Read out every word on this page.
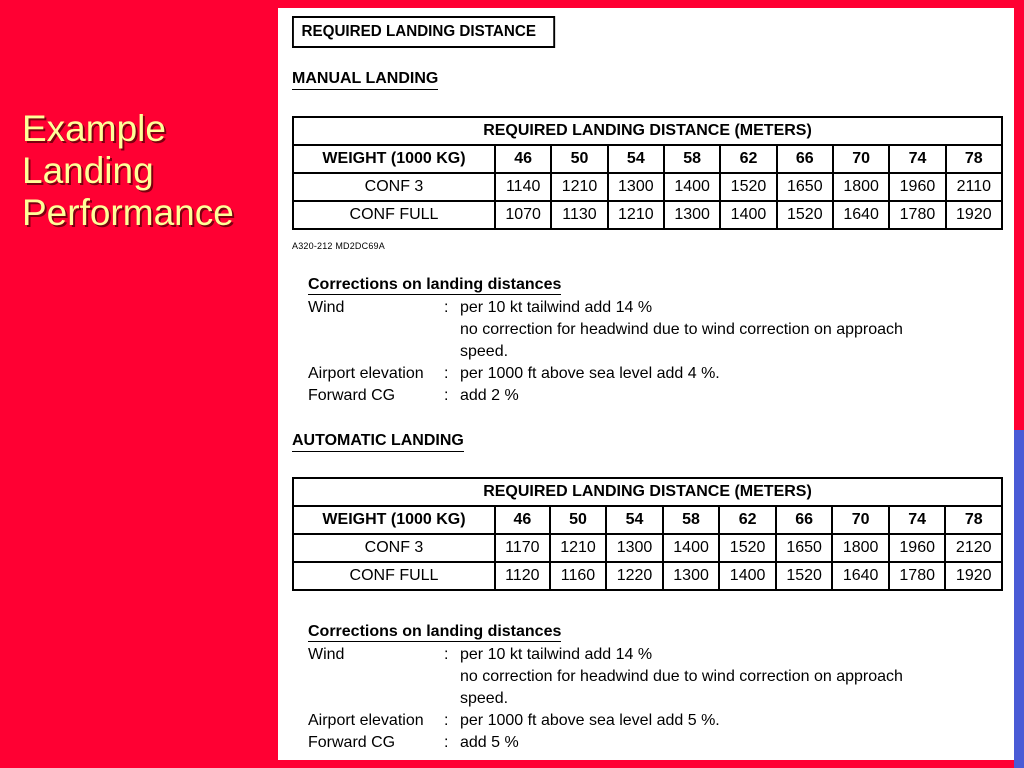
Example
Landing
Performance
REQUIRED LANDING DISTANCE
MANUAL LANDING
REQUIRED LANDING DISTANCE (METERS)									
WEIGHT (1000 KG)	46	50	54	58	62	66	70	74	78
CONF 3	1140	1210	1300	1400	1520	1650	1800	1960	2110
CONF FULL	1070	1130	1210	1300	1400	1520	1640	1780	1920
A320-212 MD2DC69A
Corrections on landing distances
Wind	: per 10 kt tailwind add 14 %
no correction for headwind due to wind correction on approach
speed.
Airport elevation	: per 1000 ft above sea level add 4 %.
Forward CG	: add 2 %
AUTOMATIC LANDING
REQUIRED LANDING DISTANCE (METERS)									
WEIGHT (1000 KG)	46	50	54	58	62	66	70	74	78
CONF 3	1170	1210	1300	1400	1520	1650	1800	1960	2120
CONF FULL	1120	1160	1220	1300	1400	1520	1640	1780	1920
Corrections on landing distances
Wind	: per 10 kt tailwind add 14 %
no correction for headwind due to wind correction on approach
speed.
Airport elevation	: per 1000 ft above sea level add 5 %.
Forward CG	: add 5 %
